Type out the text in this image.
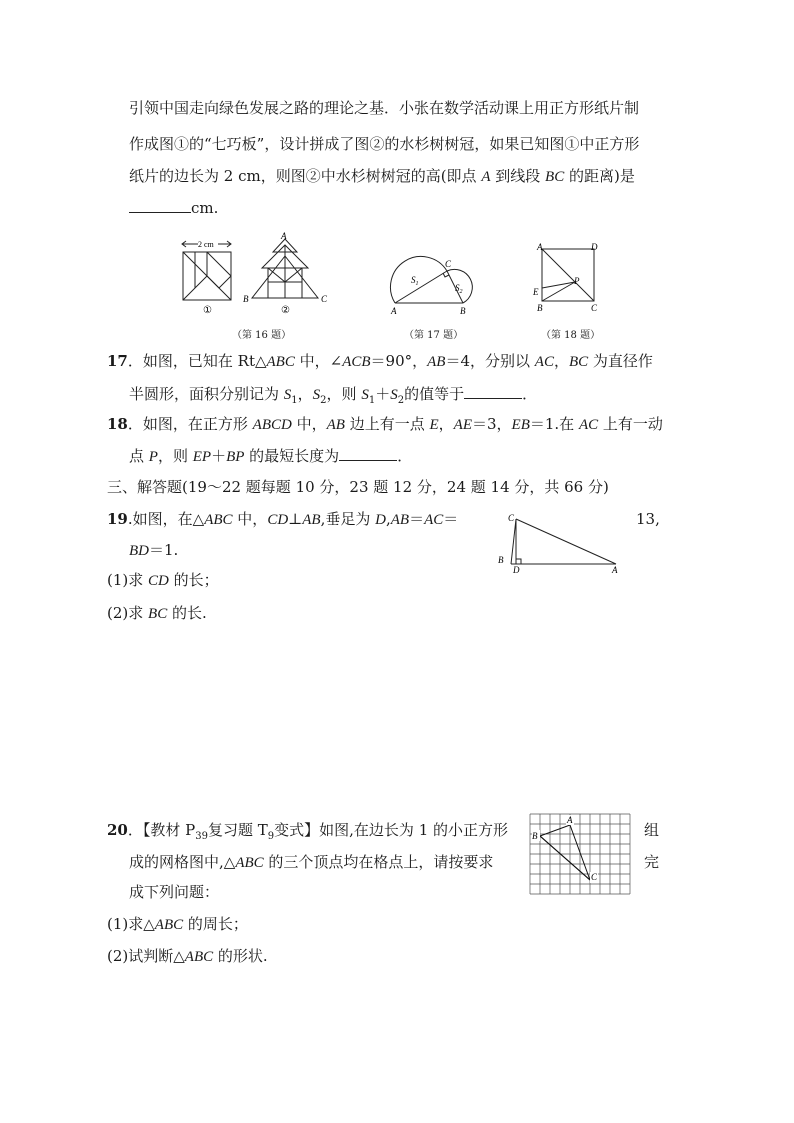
引领中国走向绿色发展之路的理论之基．小张在数学活动课上用正方形纸片制
作成图①的“七巧板”，设计拼成了图②的水杉树树冠，如果已知图①中正方形
纸片的边长为 2 cm，则图②中水杉树树冠的高(即点 A 到线段 BC 的距离)是
cm.
2 cm
A
B	C
①	②
（第 16 题）
$S_1$	$S_2$
C
A	B
（第 17 题）
A	D
E
P
B	C
（第 18 题）
17．如图，已知在 Rt△ABC 中，∠ACB＝90°，AB＝4，分别以 AC，BC 为直径作
半圆形，面积分别记为 $S_1$，$S_2$，则 $S_1+S_2$的值等于	．
18．如图，在正方形 ABCD 中，AB 边上有一点 E，AE＝3，EB＝1.在 AC 上有一动
点 P，则 EP＋BP 的最短长度为	．
三、解答题(19～22 题每题 10 分，23 题 12 分，24 题 14 分，共 66 分)
19.如图，在△ABC 中，CD⊥AB,垂足为 D,AB＝AC＝	13,
BD＝1.
(1)求 CD 的长；
(2)求 BC 的长.
C
B
D	A
20．【教材 $P_{39}$复习题 $T_9$变式】如图,在边长为 1 的小正方形	组
成的网格图中,△ABC 的三个顶点均在格点上，请按要求	完
成下列问题：
(1)求△ABC 的周长；
(2)试判断△ABC 的形状.
B
A
C
